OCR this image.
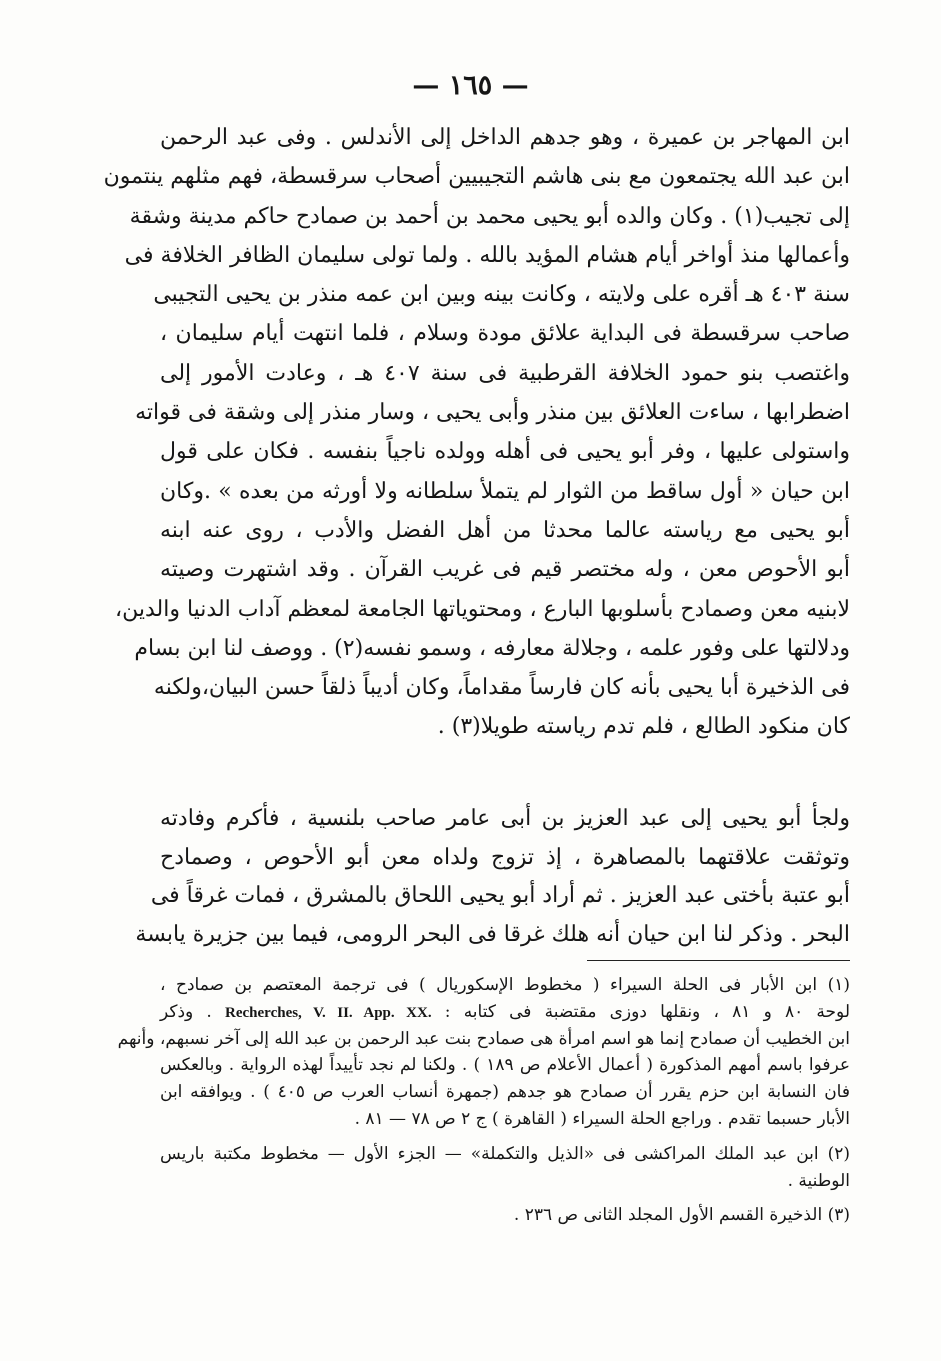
— ١٦٥ —
ابن المهاجر بن عميرة ، وهو جدهم الداخل إلى الأندلس . وفى عبد الرحمن
ابن عبد الله يجتمعون مع بنى هاشم التجيبيين أصحاب سرقسطة، فهم مثلهم ينتمون
إلى تجيب(١) . وكان والده أبو يحيى محمد بن أحمد بن صمادح حاكم مدينة وشقة
وأعمالها منذ أواخر أيام هشام المؤيد بالله . ولما تولى سليمان الظافر الخلافة فى
سنة ٤٠٣ هـ أقره على ولايته ، وكانت بينه وبين ابن عمه منذر بن يحيى التجيبى
صاحب سرقسطة فى البداية علائق مودة وسلام ، فلما انتهت أيام سليمان ،
واغتصب بنو حمود الخلافة القرطبية فى سنة ٤٠٧ هـ ، وعادت الأمور إلى
اضطرابها ، ساءت العلائق بين منذر وأبى يحيى ، وسار منذر إلى وشقة فى قواته
واستولى عليها ، وفر أبو يحيى فى أهله وولده ناجياً بنفسه . فكان على قول
ابن حيان « أول ساقط من الثوار لم يتملأ سلطانه ولا أورثه من بعده » .وكان
أبو يحيى مع رياسته عالما محدثا من أهل الفضل والأدب ، روى عنه ابنه
أبو الأحوص معن ، وله مختصر قيم فى غريب القرآن . وقد اشتهرت وصيته
لابنيه معن وصمادح بأسلوبها البارع ، ومحتوياتها الجامعة لمعظم آداب الدنيا والدين،
ودلالتها على وفور علمه ، وجلالة معارفه ، وسمو نفسه(٢) . ووصف لنا ابن بسام
فى الذخيرة أبا يحيى بأنه كان فارساً مقداماً، وكان أديباً ذلقاً حسن البيان،ولكنه
كان منكود الطالع ، فلم تدم رياسته طويلا(٣) .
ولجأ أبو يحيى إلى عبد العزيز بن أبى عامر صاحب بلنسية ، فأكرم وفادته
وتوثقت علاقتهما بالمصاهرة ، إذ تزوج ولداه معن أبو الأحوص ، وصمادح
أبو عتبة بأختى عبد العزيز . ثم أراد أبو يحيى اللحاق بالمشرق ، فمات غرقاً فى
البحر . وذكر لنا ابن حيان أنه هلك غرقا فى البحر الرومى، فيما بين جزيرة يابسة
(١) ابن الأبار فى الحلة السيراء ( مخطوط الإسكوريال ) فى ترجمة المعتصم بن صمادح ،
لوحة ٨٠ و ٨١ ، ونقلها دوزى مقتضبة فى كتابه : Recherches, V. II. App. XX. . وذكر
ابن الخطيب أن صمادح إنما هو اسم امرأة هى صمادح بنت عبد الرحمن بن عبد الله إلى آخر نسبهم، وأنهم
عرفوا باسم أمهم المذكورة ( أعمال الأعلام ص ١٨٩ ) . ولكنا لم نجد تأييداً لهذه الرواية . وبالعكس
فان النسابة ابن حزم يقرر أن صمادح هو جدهم (جمهرة أنساب العرب ص ٤٠٥ ) . ويوافقه ابن
الأبار حسبما تقدم . وراجع الحلة السيراء ( القاهرة ) ج ٢ ص ٧٨ — ٨١ .
(٢) ابن عبد الملك المراكشى فى «الذيل والتكملة» — الجزء الأول — مخطوط مكتبة باريس
الوطنية .
(٣) الذخيرة القسم الأول المجلد الثانى ص ٢٣٦ .
